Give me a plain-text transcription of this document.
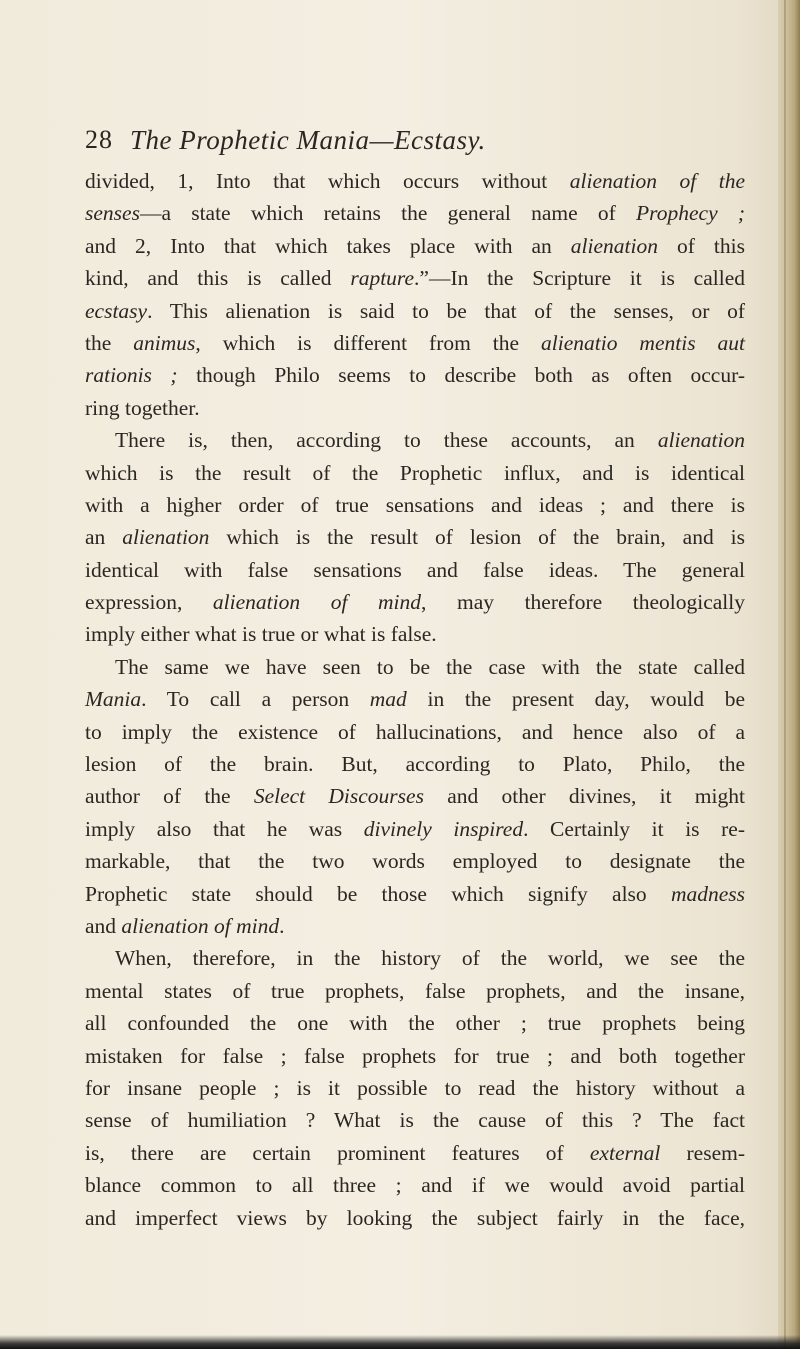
28 The Prophetic Mania—Ecstasy.
divided, 1, Into that which occurs without alienation of the
senses—a state which retains the general name of Prophecy ;
and 2, Into that which takes place with an alienation of this
kind, and this is called rapture.”—In the Scripture it is called
ecstasy. This alienation is said to be that of the senses, or of
the animus, which is different from the alienatio mentis aut
rationis ; though Philo seems to describe both as often occur-
ring together.
There is, then, according to these accounts, an alienation
which is the result of the Prophetic influx, and is identical
with a higher order of true sensations and ideas ; and there is
an alienation which is the result of lesion of the brain, and is
identical with false sensations and false ideas. The general
expression, alienation of mind, may therefore theologically
imply either what is true or what is false.
The same we have seen to be the case with the state called
Mania. To call a person mad in the present day, would be
to imply the existence of hallucinations, and hence also of a
lesion of the brain. But, according to Plato, Philo, the
author of the Select Discourses and other divines, it might
imply also that he was divinely inspired. Certainly it is re-
markable, that the two words employed to designate the
Prophetic state should be those which signify also madness
and alienation of mind.
When, therefore, in the history of the world, we see the
mental states of true prophets, false prophets, and the insane,
all confounded the one with the other ; true prophets being
mistaken for false ; false prophets for true ; and both together
for insane people ; is it possible to read the history without a
sense of humiliation ? What is the cause of this ? The fact
is, there are certain prominent features of external resem-
blance common to all three ; and if we would avoid partial
and imperfect views by looking the subject fairly in the face,
